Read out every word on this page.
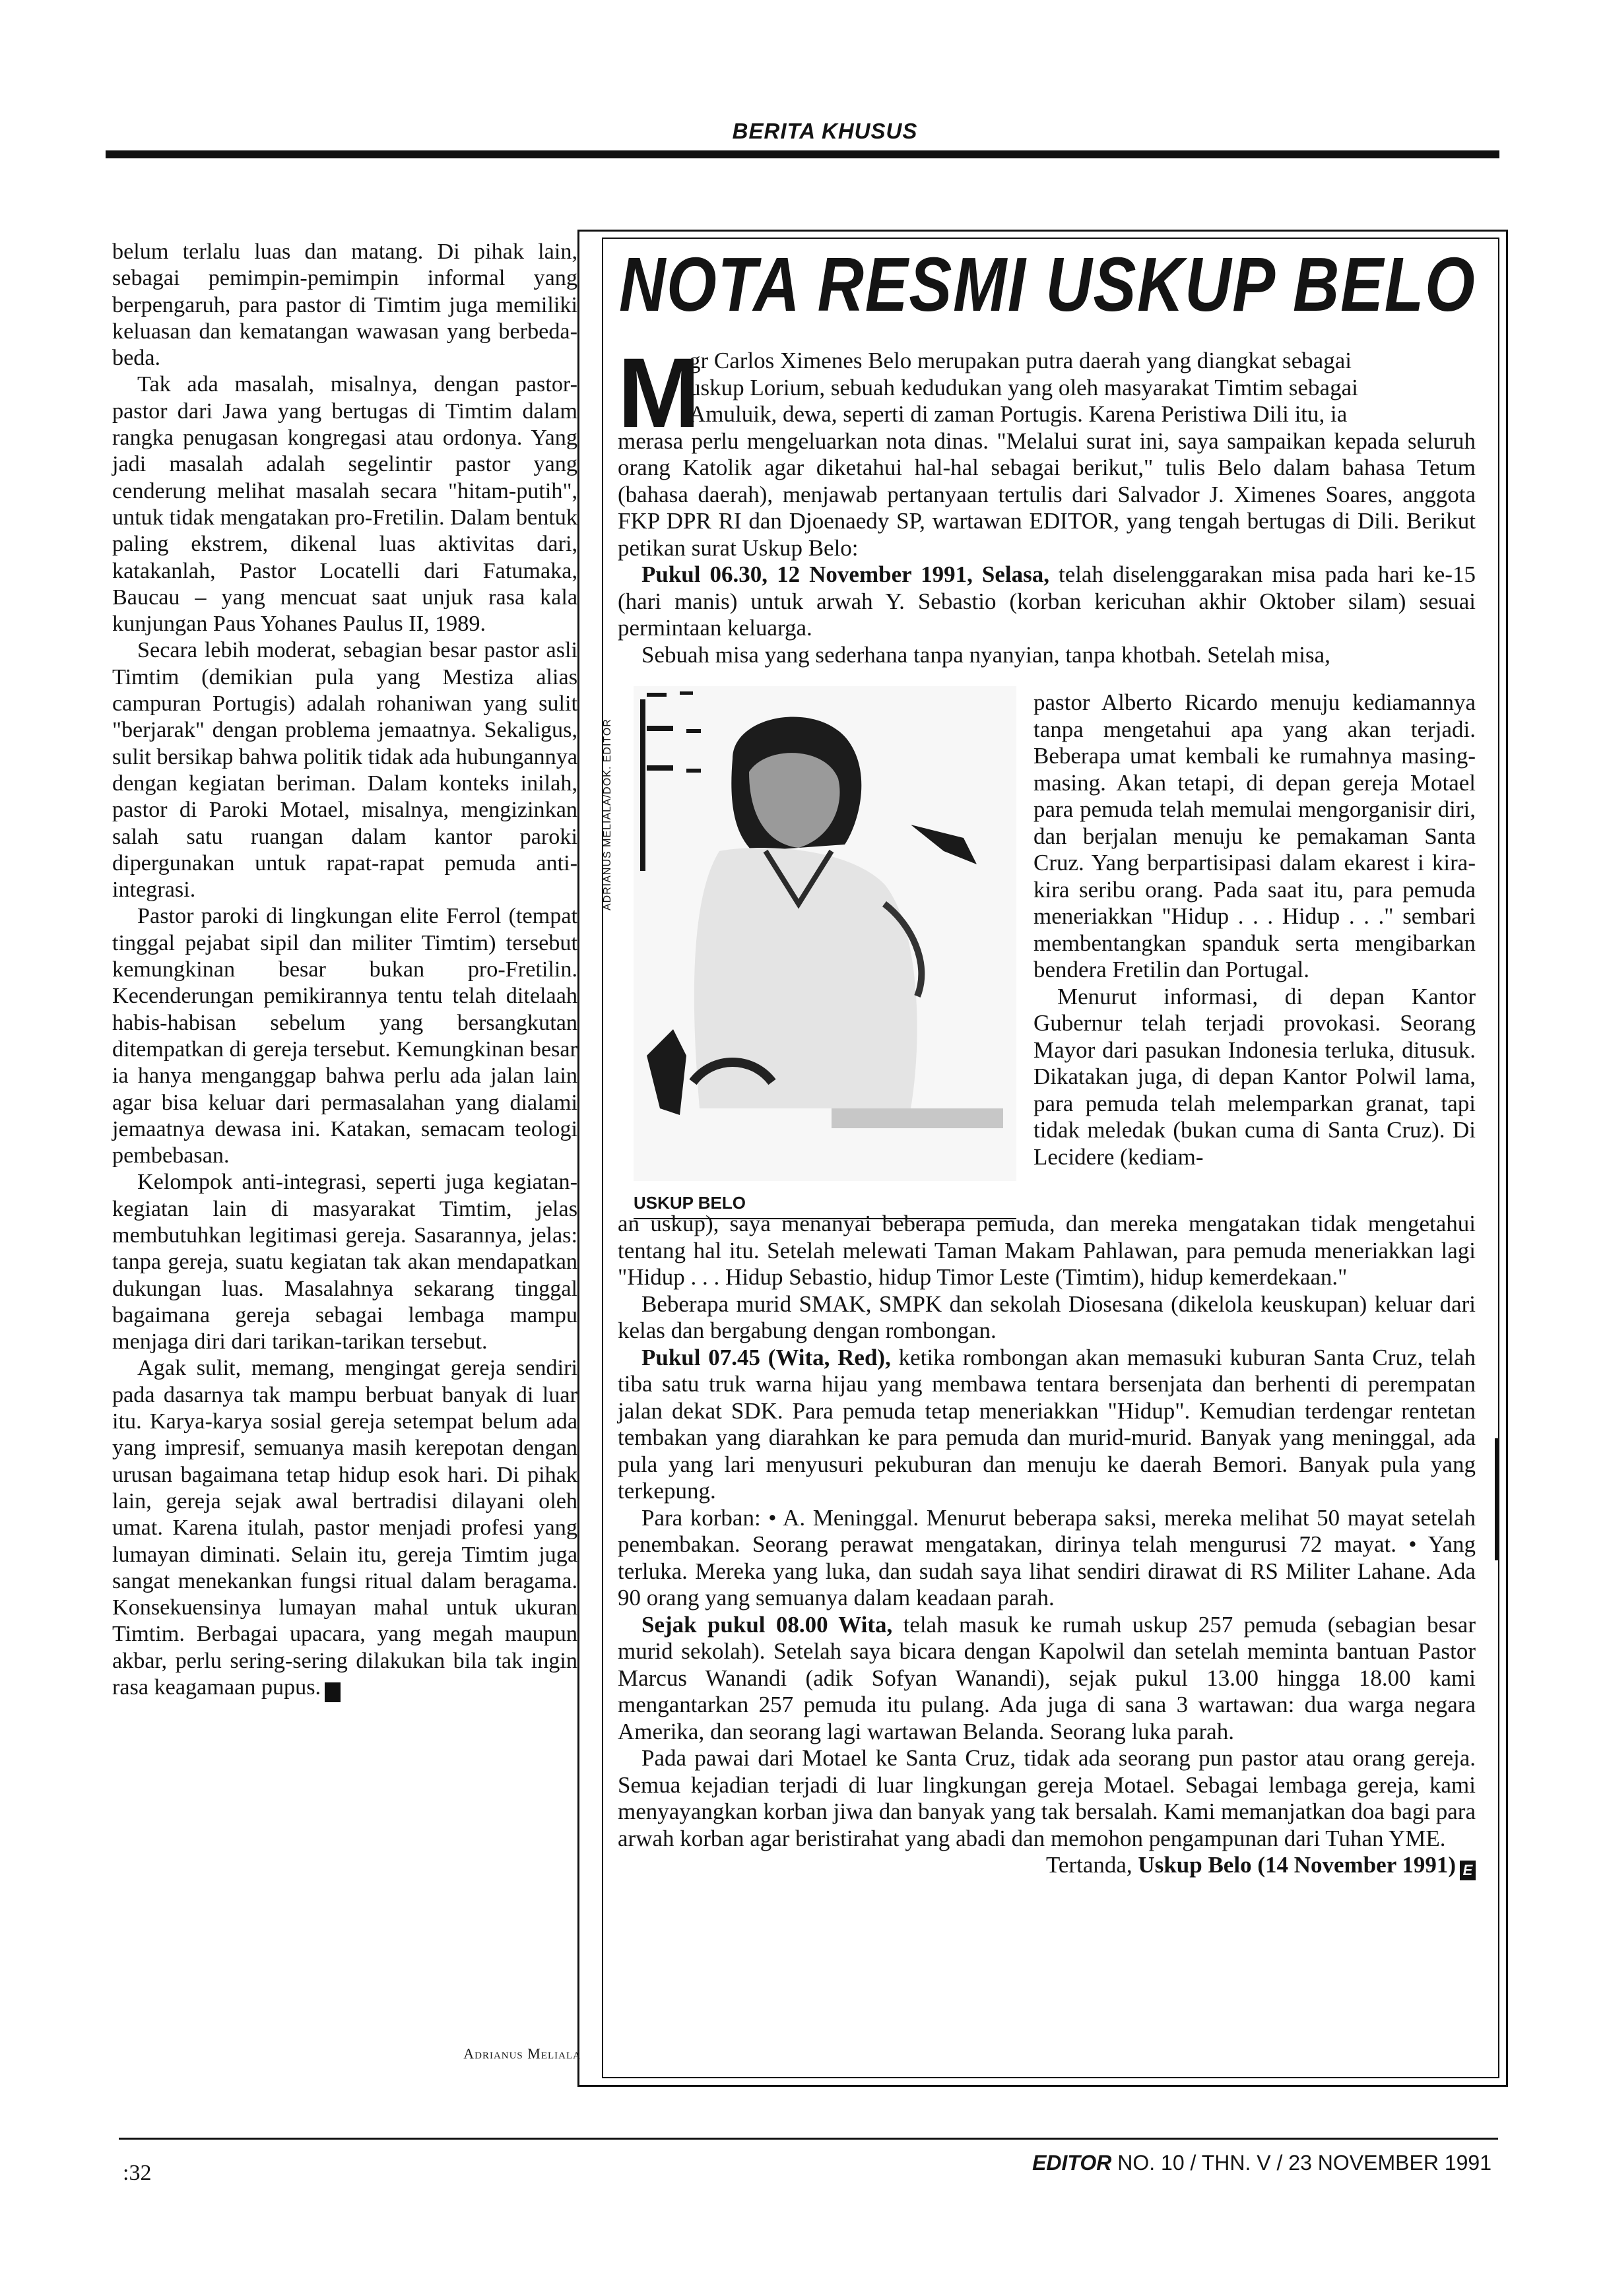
BERITA KHUSUS

belum terlalu luas dan matang. Di pihak lain, sebagai pemimpin-pemimpin informal yang berpengaruh, para pastor di Timtim juga memiliki keluasan dan kematangan wawasan yang berbeda-beda.

Tak ada masalah, misalnya, dengan pastor-pastor dari Jawa yang bertugas di Timtim dalam rangka penugasan kongregasi atau ordonya. Yang jadi masalah adalah segelintir pastor yang cenderung melihat masalah secara "hitam-putih", untuk tidak mengatakan pro-Fretilin. Dalam bentuk paling ekstrem, dikenal luas aktivitas dari, katakanlah, Pastor Locatelli dari Fatumaka, Baucau – yang mencuat saat unjuk rasa kala kunjungan Paus Yohanes Paulus II, 1989.

Secara lebih moderat, sebagian besar pastor asli Timtim (demikian pula yang Mestiza alias campuran Portugis) adalah rohaniwan yang sulit "berjarak" dengan problema jemaatnya. Sekaligus, sulit bersikap bahwa politik tidak ada hubungannya dengan kegiatan beriman. Dalam konteks inilah, pastor di Paroki Motael, misalnya, mengizinkan salah satu ruangan dalam kantor paroki dipergunakan untuk rapat-rapat pemuda anti-integrasi.

Pastor paroki di lingkungan elite Ferrol (tempat tinggal pejabat sipil dan militer Timtim) tersebut kemungkinan besar bukan pro-Fretilin. Kecenderungan pemikirannya tentu telah ditelaah habis-habisan sebelum yang bersangkutan ditempatkan di gereja tersebut. Kemungkinan besar ia hanya menganggap bahwa perlu ada jalan lain agar bisa keluar dari permasalahan yang dialami jemaatnya dewasa ini. Katakan, semacam teologi pembebasan.

Kelompok anti-integrasi, seperti juga kegiatan-kegiatan lain di masyarakat Timtim, jelas membutuhkan legitimasi gereja. Sasarannya, jelas: tanpa gereja, suatu kegiatan tak akan mendapatkan dukungan luas. Masalahnya sekarang tinggal bagaimana gereja sebagai lembaga mampu menjaga diri dari tarikan-tarikan tersebut.

Agak sulit, memang, mengingat gereja sendiri pada dasarnya tak mampu berbuat banyak di luar itu. Karya-karya sosial gereja setempat belum ada yang impresif, semuanya masih kerepotan dengan urusan bagaimana tetap hidup esok hari. Di pihak lain, gereja sejak awal bertradisi dilayani oleh umat. Karena itulah, pastor menjadi profesi yang lumayan diminati. Selain itu, gereja Timtim juga sangat menekankan fungsi ritual dalam beragama. Konsekuensinya lumayan mahal untuk ukuran Timtim. Berbagai upacara, yang megah maupun akbar, perlu sering-sering dilakukan bila tak ingin rasa keagamaan pupus. E

Adrianus Meliala
NOTA RESMI USKUP BELO
M
gr Carlos Ximenes Belo merupakan putra daerah yang diangkat sebagai
uskup Lorium, sebuah kedudukan yang oleh masyarakat Timtim sebagai
Amuluik, dewa, seperti di zaman Portugis. Karena Peristiwa Dili itu, ia

merasa perlu mengeluarkan nota dinas. "Melalui surat ini, saya sampaikan kepada seluruh orang Katolik agar diketahui hal-hal sebagai berikut," tulis Belo dalam bahasa Tetum (bahasa daerah), menjawab pertanyaan tertulis dari Salvador J. Ximenes Soares, anggota FKP DPR RI dan Djoenaedy SP, wartawan EDITOR, yang tengah bertugas di Dili. Berikut petikan surat Uskup Belo:

Pukul 06.30, 12 November 1991, Selasa, telah diselenggarakan misa pada hari ke-15 (hari manis) untuk arwah Y. Sebastio (korban kericuhan akhir Oktober silam) sesuai permintaan keluarga.

Sebuah misa yang sederhana tanpa nyanyian, tanpa khotbah. Setelah misa,

ADRIANUS MELIALA/DOK. EDITOR
USKUP BELO

pastor Alberto Ricardo menuju kediamannya tanpa mengetahui apa yang akan terjadi. Beberapa umat kembali ke rumahnya masing-masing. Akan tetapi, di depan gereja Motael para pemuda telah memulai mengorganisir diri, dan berjalan menuju ke pemakaman Santa Cruz. Yang berpartisipasi dalam ekarest i kira-kira seribu orang. Pada saat itu, para pemuda meneriakkan "Hidup . . . Hidup . . ." sembari membentangkan spanduk serta mengibarkan bendera Fretilin dan Portugal.

Menurut informasi, di depan Kantor Gubernur telah terjadi provokasi. Seorang Mayor dari pasukan Indonesia terluka, ditusuk. Dikatakan juga, di depan Kantor Polwil lama, para pemuda telah melemparkan granat, tapi tidak meledak (bukan cuma di Santa Cruz). Di Lecidere (kediam-

an uskup), saya menanyai beberapa pemuda, dan mereka mengatakan tidak mengetahui tentang hal itu. Setelah melewati Taman Makam Pahlawan, para pemuda meneriakkan lagi "Hidup . . . Hidup Sebastio, hidup Timor Leste (Timtim), hidup kemerdekaan."

Beberapa murid SMAK, SMPK dan sekolah Diosesana (dikelola keuskupan) keluar dari kelas dan bergabung dengan rombongan.

Pukul 07.45 (Wita, Red), ketika rombongan akan memasuki kuburan Santa Cruz, telah tiba satu truk warna hijau yang membawa tentara bersenjata dan berhenti di perempatan jalan dekat SDK. Para pemuda tetap meneriakkan "Hidup". Kemudian terdengar rentetan tembakan yang diarahkan ke para pemuda dan murid-murid. Banyak yang meninggal, ada pula yang lari menyusuri pekuburan dan menuju ke daerah Bemori. Banyak pula yang terkepung.

Para korban: • A. Meninggal. Menurut beberapa saksi, mereka melihat 50 mayat setelah penembakan. Seorang perawat mengatakan, dirinya telah mengurusi 72 mayat. • Yang terluka. Mereka yang luka, dan sudah saya lihat sendiri dirawat di RS Militer Lahane. Ada 90 orang yang semuanya dalam keadaan parah.

Sejak pukul 08.00 Wita, telah masuk ke rumah uskup 257 pemuda (sebagian besar murid sekolah). Setelah saya bicara dengan Kapolwil dan setelah meminta bantuan Pastor Marcus Wanandi (adik Sofyan Wanandi), sejak pukul 13.00 hingga 18.00 kami mengantarkan 257 pemuda itu pulang. Ada juga di sana 3 wartawan: dua warga negara Amerika, dan seorang lagi wartawan Belanda. Seorang luka parah.

Pada pawai dari Motael ke Santa Cruz, tidak ada seorang pun pastor atau orang gereja. Semua kejadian terjadi di luar lingkungan gereja Motael. Sebagai lembaga gereja, kami menyayangkan korban jiwa dan banyak yang tak bersalah. Kami memanjatkan doa bagi para arwah korban agar beristirahat yang abadi dan memohon pengampunan dari Tuhan YME.

Tertanda, Uskup Belo (14 November 1991) E

:32	EDITOR NO. 10 / THN. V / 23 NOVEMBER 1991
